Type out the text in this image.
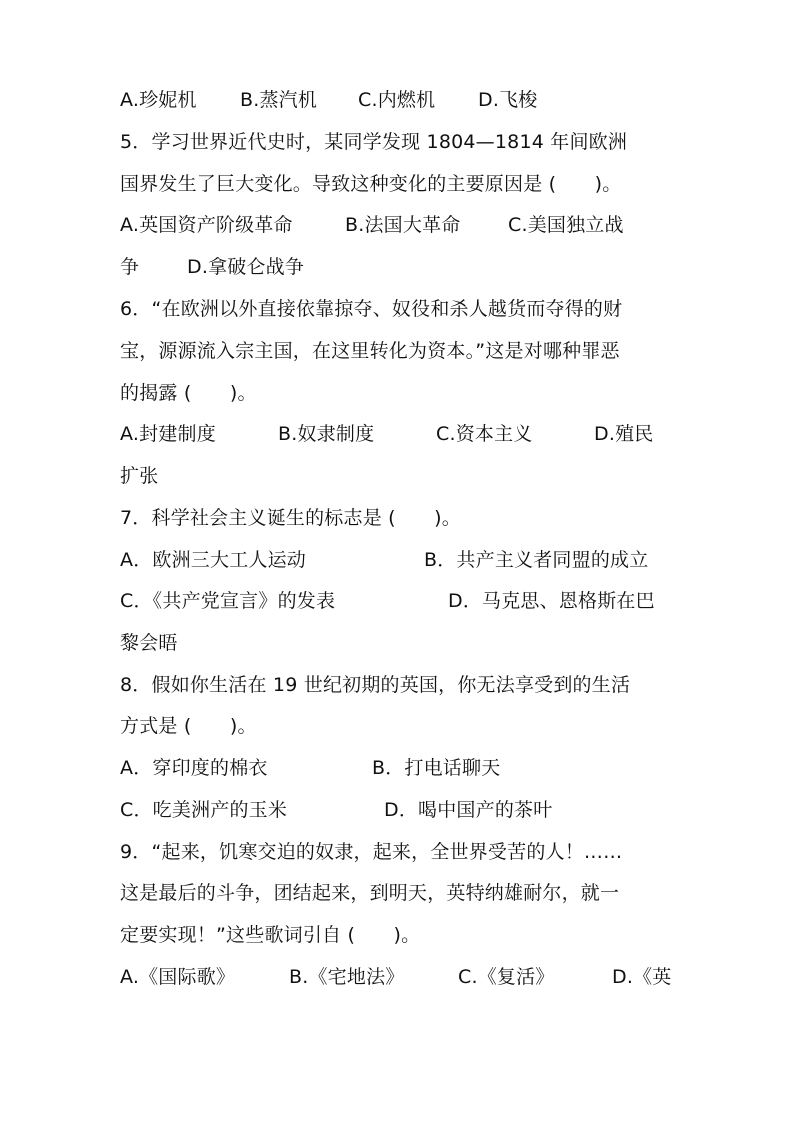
A.珍妮机 B.蒸汽机 C.内燃机 D.飞梭
5．学习世界近代史时，某同学发现 1804—1814 年间欧洲
国界发生了巨大变化。导致这种变化的主要原因是 (　　)。
A.英国资产阶级革命	B.法国大革命	C.美国独立战
争	D.拿破仑战争
6．“在欧洲以外直接依靠掠夺、奴役和杀人越货而夺得的财
宝，源源流入宗主国，在这里转化为资本。”这是对哪种罪恶
的揭露 (　　)。
A.封建制度	B.奴隶制度	C.资本主义	D.殖民
扩张
7．科学社会主义诞生的标志是 (　　)。
A．欧洲三大工人运动	B．共产主义者同盟的成立
C．《共产党宣言》的发表	D．马克思、恩格斯在巴
黎会晤
8．假如你生活在 19 世纪初期的英国，你无法享受到的生活
方式是 (　　)。
A．穿印度的棉衣	B．打电话聊天
C．吃美洲产的玉米	D．喝中国产的茶叶
9．“起来，饥寒交迫的奴隶，起来，全世界受苦的人！……
这是最后的斗争，团结起来，到明天，英特纳雄耐尔，就一
定要实现！”这些歌词引自 (　　)。
A.《国际歌》	B.《宅地法》	C.《复活》	D.《英
